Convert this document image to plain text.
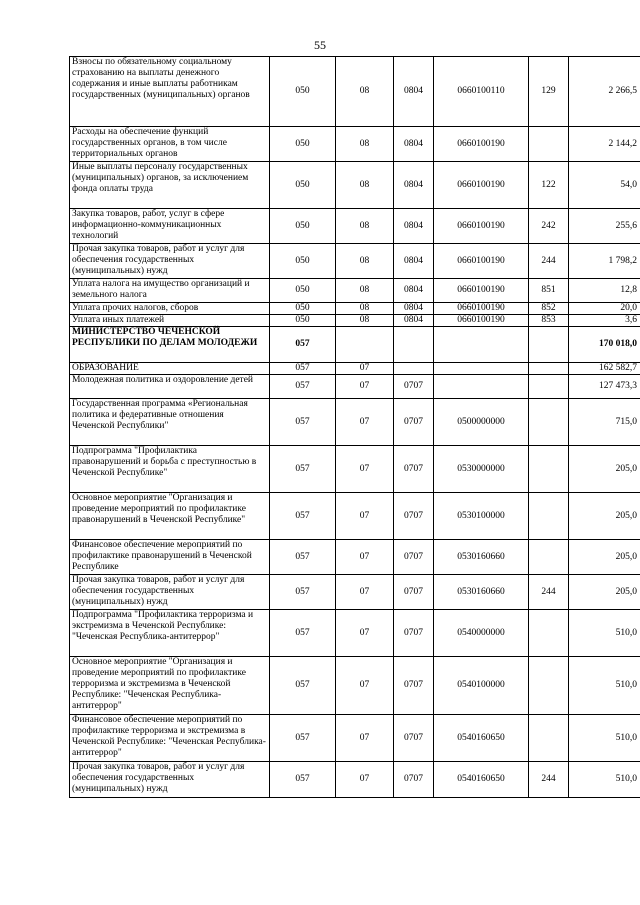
55
Взносы по обязательному социальному страхованию на выплаты денежного содержания и иные выплаты работникам государственных (муниципальных) органов	050	08	0804	0660100110	129	2 266,5
Расходы на обеспечение функций государственных органов, в том числе территориальных органов	050	08	0804	0660100190		2 144,2
Иные выплаты персоналу государственных (муниципальных) органов, за исключением фонда оплаты труда	050	08	0804	0660100190	122	54,0
Закупка товаров, работ, услуг в сфере информационно-коммуникационных технологий	050	08	0804	0660100190	242	255,6
Прочая закупка товаров, работ и услуг для обеспечения государственных (муниципальных) нужд	050	08	0804	0660100190	244	1 798,2
Уплата налога на имущество организаций и земельного налога	050	08	0804	0660100190	851	12,8
Уплата прочих налогов, сборов	050	08	0804	0660100190	852	20,0
Уплата иных платежей	050	08	0804	0660100190	853	3,6
МИНИСТЕРСТВО ЧЕЧЕНСКОЙ РЕСПУБЛИКИ ПО ДЕЛАМ МОЛОДЕЖИ	057					170 018,0
ОБРАЗОВАНИЕ	057	07				162 582,7
Молодежная политика и оздоровление детей	057	07	0707			127 473,3
Государственная программа «Региональная политика и федеративные отношения Чеченской Республики"	057	07	0707	0500000000		715,0
Подпрограмма "Профилактика правонарушений и борьба с преступностью в Чеченской Республике"	057	07	0707	0530000000		205,0
Основное мероприятие "Организация и проведение мероприятий по профилактике правонарушений в Чеченской Республике"	057	07	0707	0530100000		205,0
Финансовое обеспечение мероприятий по профилактике правонарушений в Чеченской Республике	057	07	0707	0530160660		205,0
Прочая закупка товаров, работ и услуг для обеспечения государственных (муниципальных) нужд	057	07	0707	0530160660	244	205,0
Подпрограмма "Профилактика терроризма и экстремизма в Чеченской Республике: "Чеченская Республика-антитеррор"	057	07	0707	0540000000		510,0
Основное мероприятие "Организация и проведение мероприятий по профилактике терроризма и экстремизма в Чеченской Республике: "Чеченская Республика-антитеррор"	057	07	0707	0540100000		510,0
Финансовое обеспечение мероприятий по профилактике терроризма и экстремизма в Чеченской Республике: "Чеченская Республика-антитеррор"	057	07	0707	0540160650		510,0
Прочая закупка товаров, работ и услуг для обеспечения государственных (муниципальных) нужд	057	07	0707	0540160650	244	510,0
